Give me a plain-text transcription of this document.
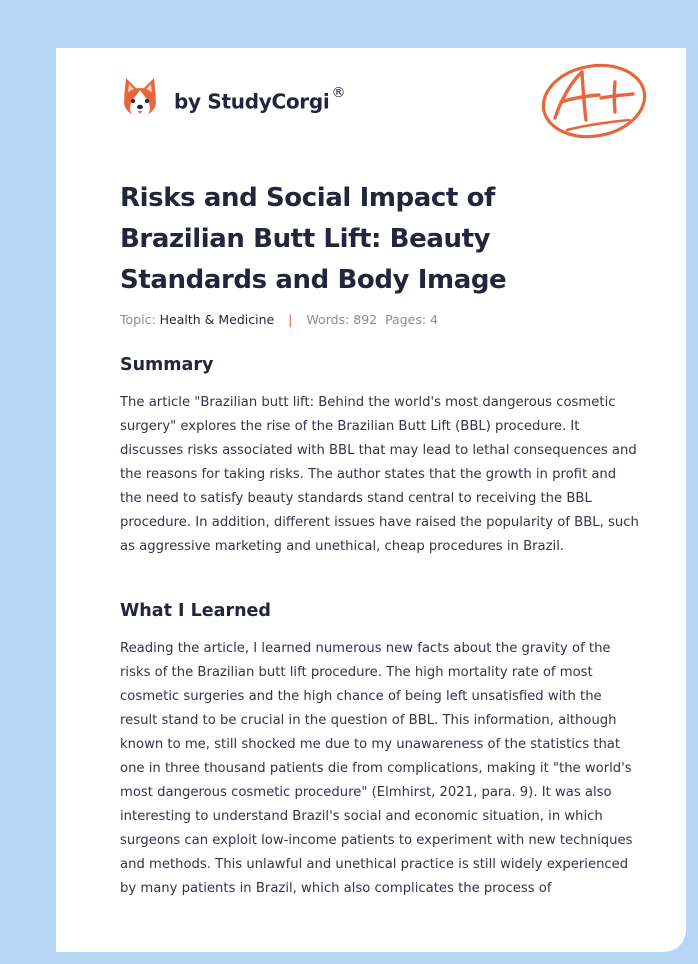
by StudyCorgi ®
Risks and Social Impact of Brazilian Butt Lift: Beauty Standards and Body Image
Topic: Health & Medicine | Words: 892 Pages: 4
Summary

The article "Brazilian butt lift: Behind the world's most dangerous cosmetic surgery" explores the rise of the Brazilian Butt Lift (BBL) procedure. It discusses risks associated with BBL that may lead to lethal consequences and the reasons for taking risks. The author states that the growth in profit and the need to satisfy beauty standards stand central to receiving the BBL procedure. In addition, different issues have raised the popularity of BBL, such as aggressive marketing and unethical, cheap procedures in Brazil.

What I Learned

Reading the article, I learned numerous new facts about the gravity of the risks of the Brazilian butt lift procedure. The high mortality rate of most cosmetic surgeries and the high chance of being left unsatisfied with the result stand to be crucial in the question of BBL. This information, although known to me, still shocked me due to my unawareness of the statistics that one in three thousand patients die from complications, making it "the world's most dangerous cosmetic procedure" (Elmhirst, 2021, para. 9). It was also interesting to understand Brazil's social and economic situation, in which surgeons can exploit low-income patients to experiment with new techniques and methods. This unlawful and unethical practice is still widely experienced by many patients in Brazil, which also complicates the process of
